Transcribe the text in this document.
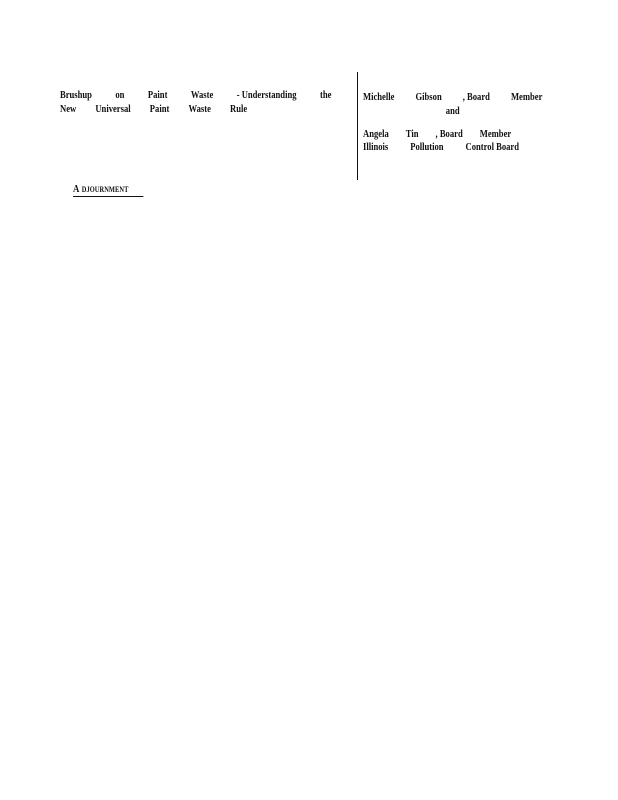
Brushup on Paint Waste - Understanding the
New Universal Paint Waste Rule
Michelle Gibson , Board Member
and
Angela Tin , Board Member
Illinois Pollution Control Board
A DJOURNMENT
